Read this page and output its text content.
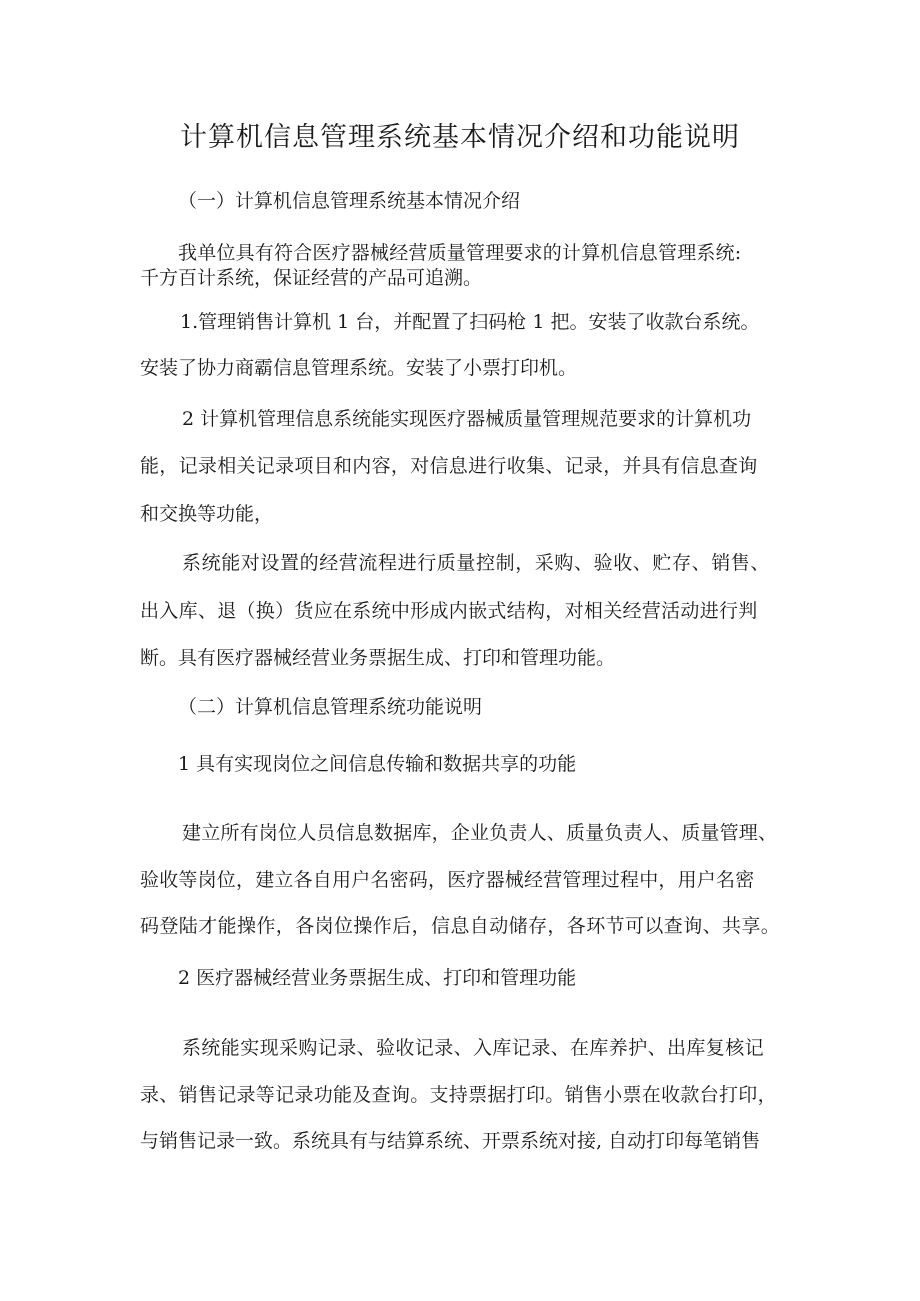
计算机信息管理系统基本情况介绍和功能说明

（一）计算机信息管理系统基本情况介绍

我单位具有符合医疗器械经营质量管理要求的计算机信息管理系统:

千方百计系统，保证经营的产品可追溯。

1.管理销售计算机 1 台，并配置了扫码枪 1 把。安装了收款台系统。

安装了协力商霸信息管理系统。安装了小票打印机。

2 计算机管理信息系统能实现医疗器械质量管理规范要求的计算机功

能，记录相关记录项目和内容，对信息进行收集、记录，并具有信息查询

和交换等功能，

系统能对设置的经营流程进行质量控制，采购、验收、贮存、销售、

出入库、退（换）货应在系统中形成内嵌式结构，对相关经营活动进行判

断。具有医疗器械经营业务票据生成、打印和管理功能。

（二）计算机信息管理系统功能说明

1 具有实现岗位之间信息传输和数据共享的功能

建立所有岗位人员信息数据库，企业负责人、质量负责人、质量管理、

验收等岗位，建立各自用户名密码，医疗器械经营管理过程中，用户名密

码登陆才能操作，各岗位操作后，信息自动储存，各环节可以查询、共享。

2 医疗器械经营业务票据生成、打印和管理功能

系统能实现采购记录、验收记录、入库记录、在库养护、出库复核记

录、销售记录等记录功能及查询。支持票据打印。销售小票在收款台打印，

与销售记录一致。系统具有与结算系统、开票系统对接, 自动打印每笔销售
